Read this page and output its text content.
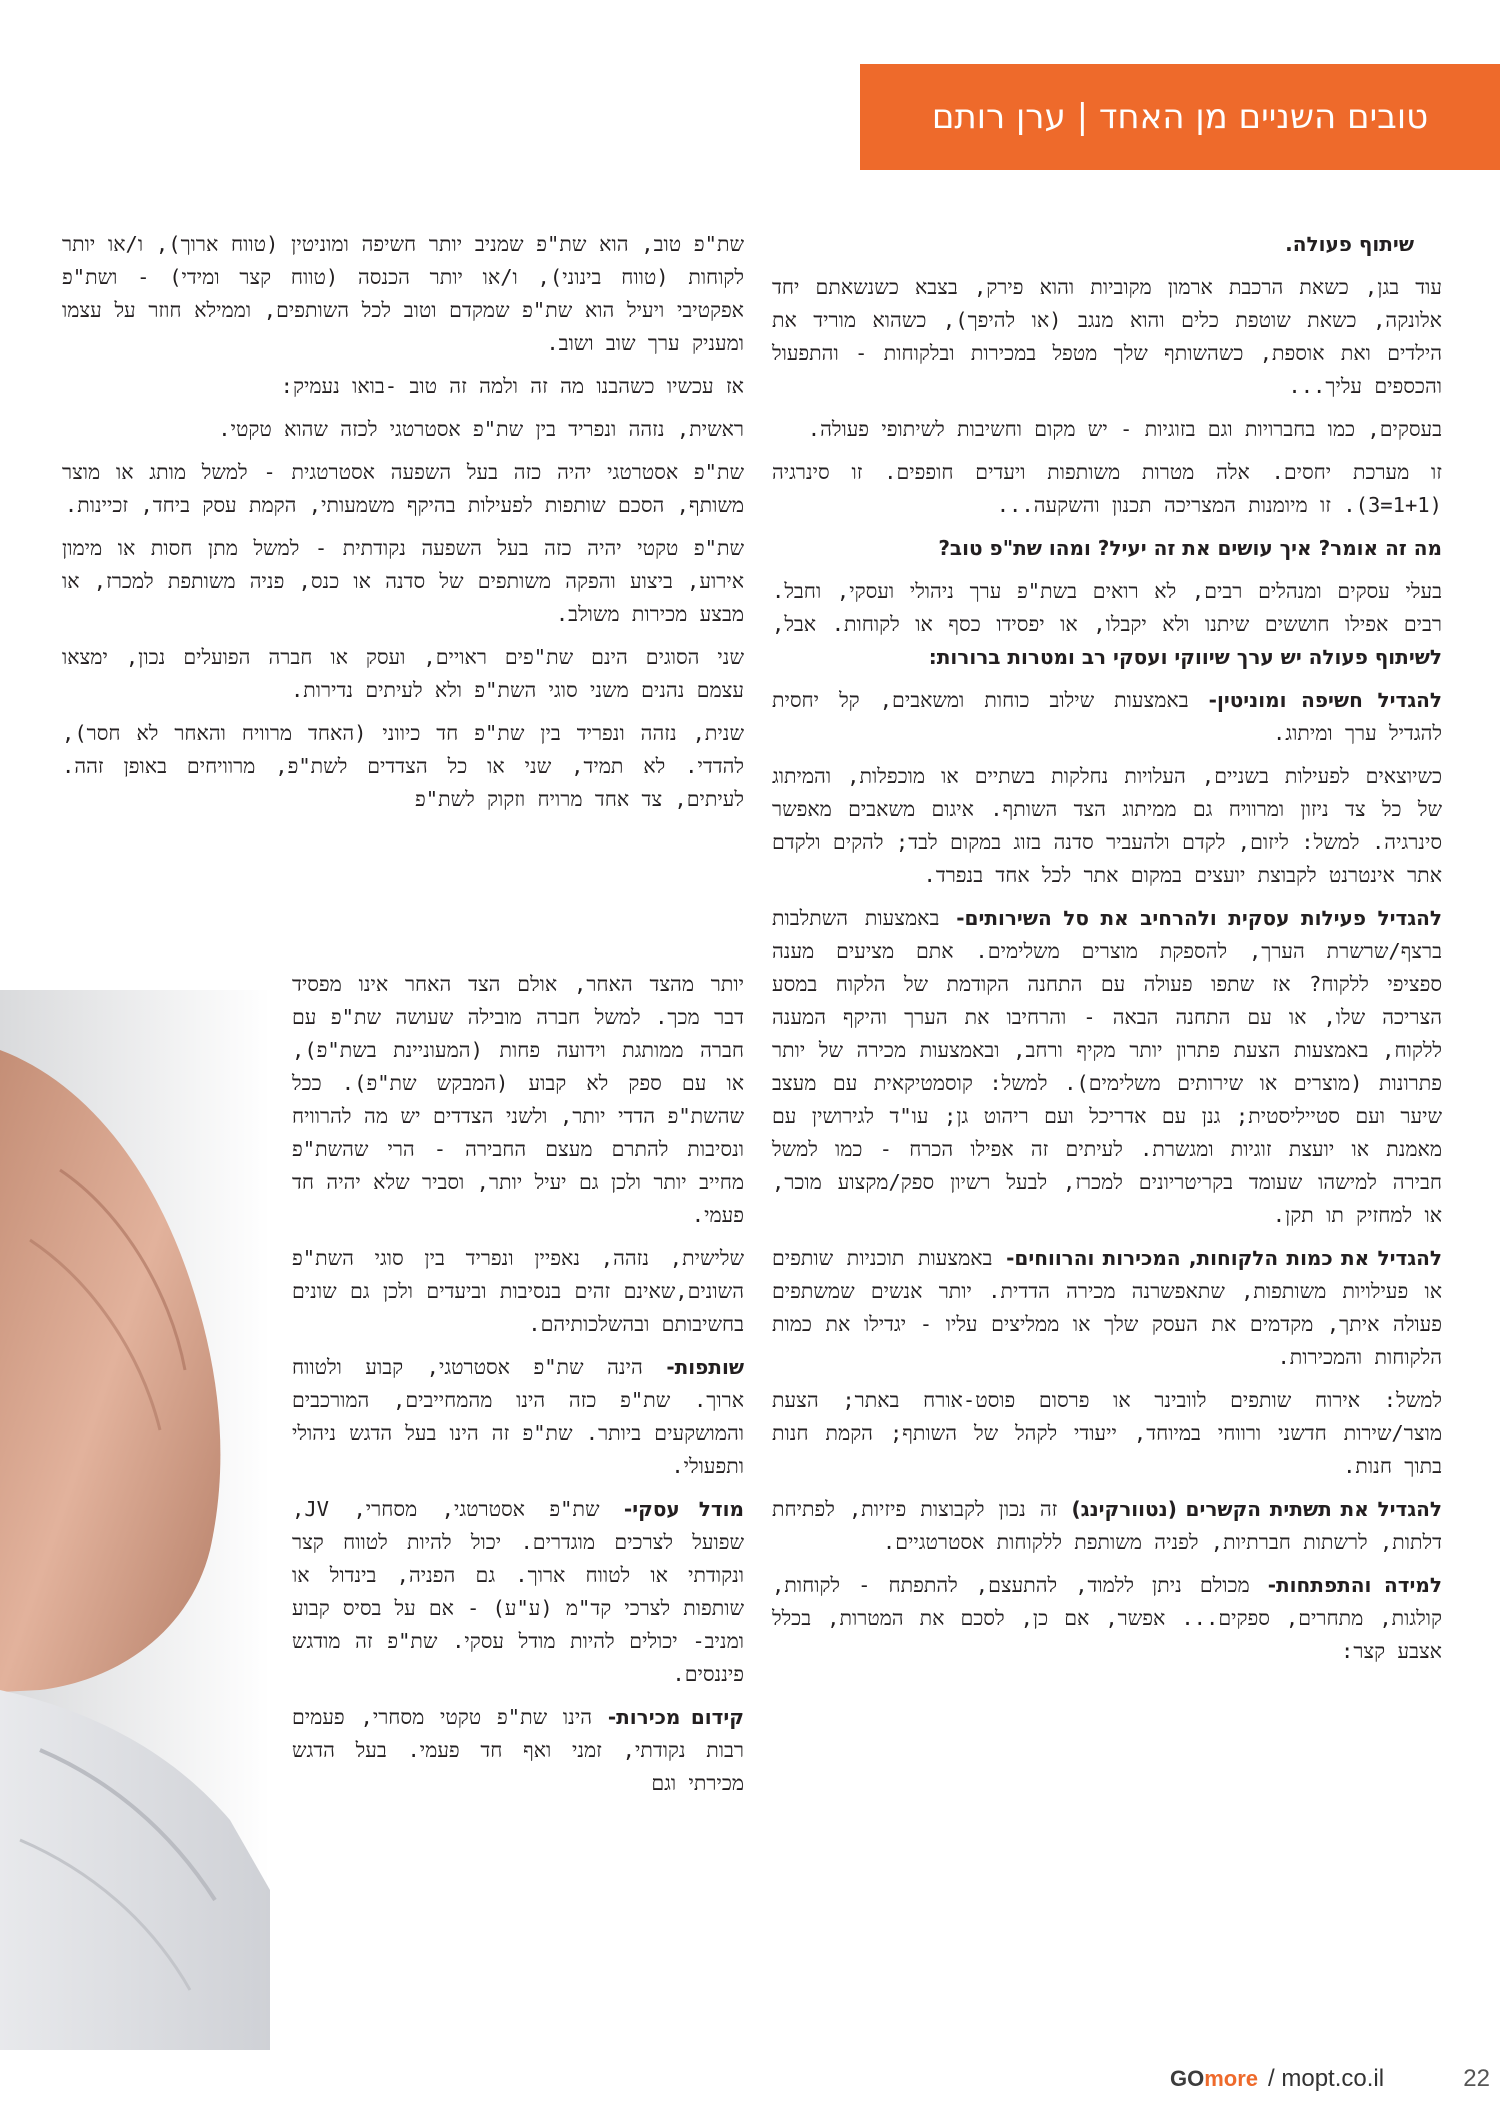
טובים השניים מן האחד | ערן רותם

שיתוף פעולה.

עוד בגן, כשאת הרכבת ארמון מקוביות והוא פירק, בצבא כשנשאתם יחד אלונקה, כשאת שוטפת כלים והוא מנגב (או להיפך), כשהוא מוריד את הילדים ואת אוספת, כשהשותף שלך מטפל במכירות ובלקוחות - והתפעול והכספים עליך...

בעסקים, כמו בחברויות וגם בזוגיות - יש מקום וחשיבות לשיתופי פעולה.

זו מערכת יחסים. אלה מטרות משותפות ויעדים חופפים. זו סינרגיה (1+1=3). זו מיומנות המצריכה תכנון והשקעה...

מה זה אומר? איך עושים את זה יעיל? ומהו שת"פ טוב?

בעלי עסקים ומנהלים רבים, לא רואים בשת"פ ערך ניהולי ועסקי, וחבל. רבים אפילו חוששים שיתנו ולא יקבלו, או יפסידו כסף או לקוחות. אבל, לשיתוף פעולה יש ערך שיווקי ועסקי רב ומטרות ברורות:

להגדיל חשיפה ומוניטין- באמצעות שילוב כוחות ומשאבים, קל יחסית להגדיל ערך ומיתוג.

כשיוצאים לפעילות בשניים, העלויות נחלקות בשתיים או מוכפלות, והמיתוג של כל צד ניזון ומרוויח גם ממיתוג הצד השותף. איגום משאבים מאפשר סינרגיה. למשל: ליזום, לקדם ולהעביר סדנה בזוג במקום לבד; להקים ולקדם אתר אינטרנט לקבוצת יועצים במקום אתר לכל אחד בנפרד.

להגדיל פעילות עסקית ולהרחיב את סל השירותים- באמצעות השתלבות ברצף/שרשרת הערך, להספקת מוצרים משלימים. אתם מציעים מענה ספציפי ללקוח? אז שתפו פעולה עם התחנה הקודמת של הלקוח במסע הצריכה שלו, או עם התחנה הבאה - והרחיבו את הערך והיקף המענה ללקוח, באמצעות הצעת פתרון יותר מקיף ורחב, ובאמצעות מכירה של יותר פתרונות (מוצרים או שירותים משלימים). למשל: קוסמטיקאית עם מעצב שיער ועם סטייליסטית; גנן עם אדריכל ועם ריהוט גן; עו"ד לגירושין עם מאמנת או יועצת זוגיות ומגשרת. לעיתים זה אפילו הכרח - כמו למשל חבירה למישהו שעומד בקריטריונים למכרז, לבעל רשיון ספק/מקצוע מוכר, או למחזיק תו תקן.

להגדיל את כמות הלקוחות, המכירות והרווחים- באמצעות תוכניות שותפים או פעילויות משותפות, שתאפשרנה מכירה הדדית. יותר אנשים שמשתפים פעולה איתך, מקדמים את העסק שלך או ממליצים עליו - יגדילו את כמות הלקוחות והמכירות.

למשל: אירוח שותפים לוובינר או פרסום פוסט-אורח באתר; הצעת מוצר/שירות חדשני ורווחי במיוחד, ייעודי לקהל של השותף; הקמת חנות בתוך חנות.

להגדיל את תשתית הקשרים (נטוורקינג) זה נכון לקבוצות פיזיות, לפתיחת דלתות, לרשתות חברתיות, לפניה משותפת ללקוחות אסטרטגיים.

למידה והתפתחות- מכולם ניתן ללמוד, להתעצם, להתפתח - לקוחות, קולגות, מתחרים, ספקים... אפשר, אם כן, לסכם את המטרות, בכלל אצבע קצר:

שת"פ טוב, הוא שת"פ שמניב יותר חשיפה ומוניטין (טווח ארוך), ו/או יותר לקוחות (טווח בינוני), ו/או יותר הכנסה (טווח קצר ומידי) - ושת"פ אפקטיבי ויעיל הוא שת"פ שמקדם וטוב לכל השותפים, וממילא חוזר על עצמו ומעניק ערך שוב ושוב.

אז עכשיו כשהבנו מה זה ולמה זה טוב -בואו נעמיק:

ראשית, נזהה ונפריד בין שת"פ אסטרטגי לכזה שהוא טקטי.

שת"פ אסטרטגי יהיה כזה בעל השפעה אסטרטגית - למשל מותג או מוצר משותף, הסכם שותפות לפעילות בהיקף משמעותי, הקמת עסק ביחד, זכיינות.

שת"פ טקטי יהיה כזה בעל השפעה נקודתית - למשל מתן חסות או מימון אירוע, ביצוע והפקה משותפים של סדנה או כנס, פניה משותפת למכרז, או מבצע מכירות משולב.

שני הסוגים הינם שת"פים ראויים, ועסק או חברה הפועלים נכון, ימצאו עצמם נהנים משני סוגי השת"פ ולא לעיתים נדירות.

שנית, נזהה ונפריד בין שת"פ חד כיווני (האחד מרוויח והאחר לא חסר), להדדי. לא תמיד, שני או כל הצדדים לשת"פ, מרוויחים באופן זהה. לעיתים, צד אחד מרויח וזקוק לשת"פ

יותר מהצד האחר, אולם הצד האחר אינו מפסיד דבר מכך. למשל חברה מובילה שעושה שת"פ עם חברה ממותגת וידועה פחות (המעוניינת בשת"פ), או עם ספק לא קבוע (המבקש שת"פ). ככל שהשת"פ הדדי יותר, ולשני הצדדים יש מה להרוויח ונסיבות להתרם מעצם החבירה - הרי שהשת"פ מחייב יותר ולכן גם יעיל יותר, וסביר שלא יהיה חד פעמי.

שלישית, נזהה, נאפיין ונפריד בין סוגי השת"פ השונים,שאינם זהים בנסיבות וביעדים ולכן גם שונים בחשיבותם ובהשלכותיהם.

שותפות- הינה שת"פ אסטרטגי, קבוע ולטווח ארוך. שת"פ כזה הינו מהמחייבים, המורכבים והמושקעים ביותר. שת"פ זה הינו בעל הדגש ניהולי ותפעולי.

מודל עסקי- שת"פ אסטרטגי, מסחרי, JV, שפועל לצרכים מוגדרים. יכול להיות לטווח קצר ונקודתי או לטווח ארוך. גם הפניה, בינדול או שותפות לצרכי קד"מ (ע"ע) - אם על בסיס קבוע ומניב- יכולים להיות מודל עסקי. שת"פ זה מודגש פיננסים.

קידום מכירות- הינו שת"פ טקטי מסחרי, פעמים רבות נקודתי, זמני ואף חד פעמי. בעל הדגש מכירתי וגם

GOmore / mopt.co.il	22
